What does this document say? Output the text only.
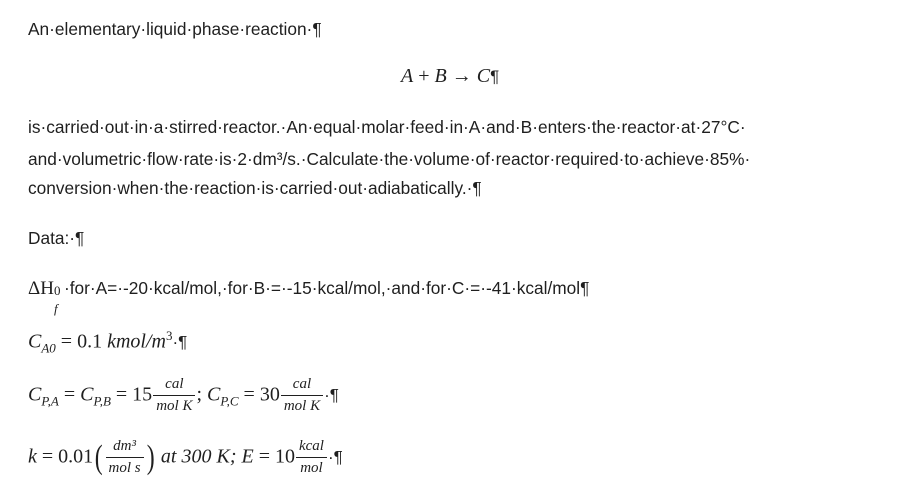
An·elementary·liquid·phase·reaction·¶
A + B → C¶
is·carried·out·in·a·stirred·reactor.·An·equal·molar·feed·in·A·and·B·enters·the·reactor·at·27°C·
and·volumetric·flow·rate·is·2·dm³/s.·Calculate·the·volume·of·reactor·required·to·achieve·85%·
conversion·when·the·reaction·is·carried·out·adiabatically.·¶
Data:·¶
ΔH 0
f
·for·A=·-20·kcal/mol,·for·B·=·-15·kcal/mol,·and·for·C·=·-41·kcal/mol¶
$C_{A0} = 0.1$ kmol/$m^3\cdot\P$
$C_{P,A} = C_{P,B} = 15 \frac{\text{cal}}{\text{mol K}}$ ; $C_{P,C} = 30 \frac{\text{cal}}{\text{mol K}}$ ·¶
$k = 0.01( \frac{\text{dm³}}{\text{mol s}}$ ) at 300 K; $E = 10 \frac{\text{kcal}}{\text{mol}}$ ·¶
